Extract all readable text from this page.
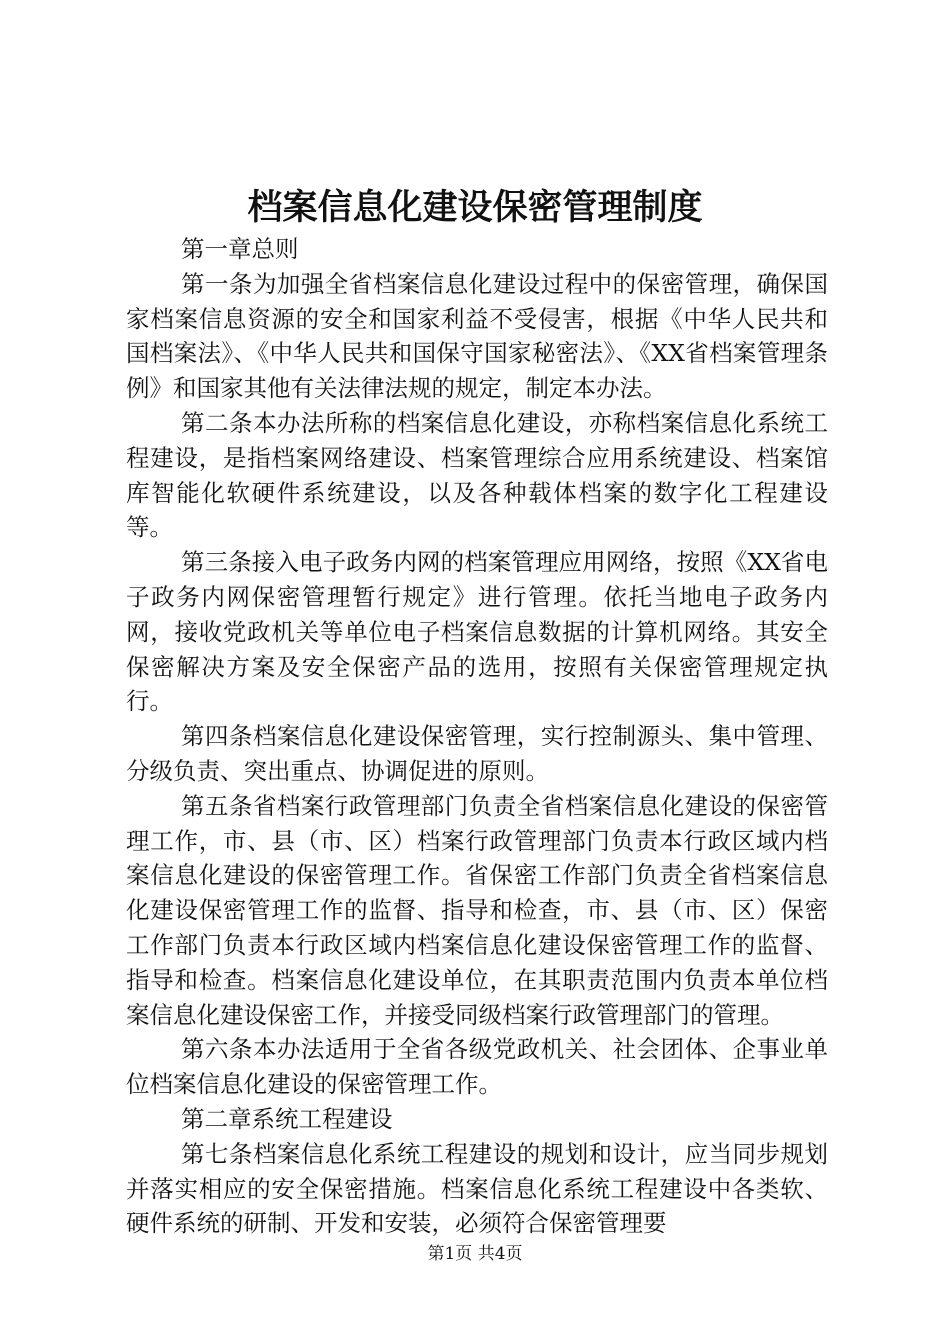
档案信息化建设保密管理制度

第一章总则

第一条为加强全省档案信息化建设过程中的保密管理，确保国家档案信息资源的安全和国家利益不受侵害，根据《中华人民共和国档案法》、《中华人民共和国保守国家秘密法》、《XX省档案管理条例》和国家其他有关法律法规的规定，制定本办法。

第二条本办法所称的档案信息化建设，亦称档案信息化系统工程建设，是指档案网络建设、档案管理综合应用系统建设、档案馆库智能化软硬件系统建设，以及各种载体档案的数字化工程建设等。

第三条接入电子政务内网的档案管理应用网络，按照《XX省电子政务内网保密管理暂行规定》进行管理。依托当地电子政务内网，接收党政机关等单位电子档案信息数据的计算机网络。其安全保密解决方案及安全保密产品的选用，按照有关保密管理规定执行。

第四条档案信息化建设保密管理，实行控制源头、集中管理、分级负责、突出重点、协调促进的原则。

第五条省档案行政管理部门负责全省档案信息化建设的保密管理工作，市、县（市、区）档案行政管理部门负责本行政区域内档案信息化建设的保密管理工作。省保密工作部门负责全省档案信息化建设保密管理工作的监督、指导和检查，市、县（市、区）保密工作部门负责本行政区域内档案信息化建设保密管理工作的监督、指导和检查。档案信息化建设单位，在其职责范围内负责本单位档案信息化建设保密工作，并接受同级档案行政管理部门的管理。

第六条本办法适用于全省各级党政机关、社会团体、企事业单位档案信息化建设的保密管理工作。

第二章系统工程建设

第七条档案信息化系统工程建设的规划和设计，应当同步规划并落实相应的安全保密措施。档案信息化系统工程建设中各类软、硬件系统的研制、开发和安装，必须符合保密管理要

第1页 共4页
